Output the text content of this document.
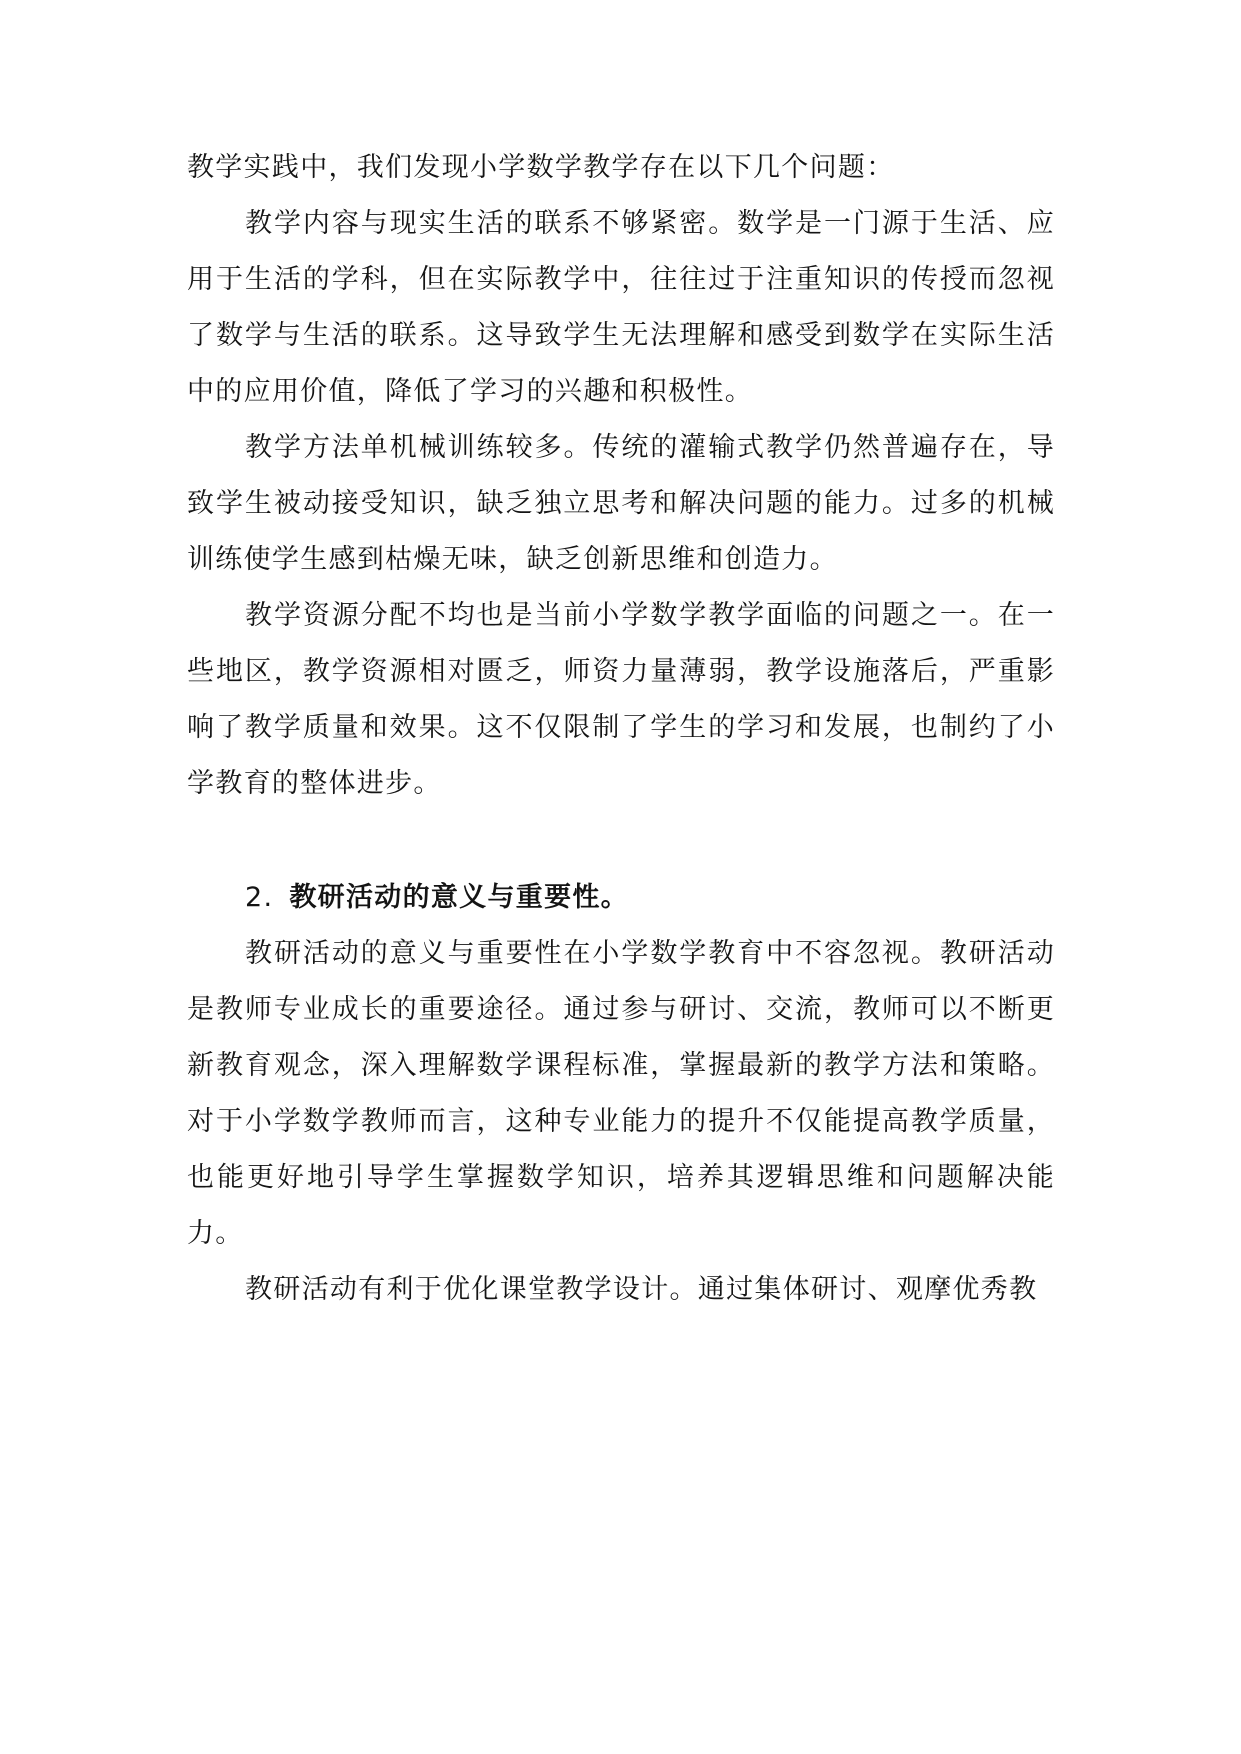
教学实践中，我们发现小学数学教学存在以下几个问题：

教学内容与现实生活的联系不够紧密。数学是一门源于生活、应用于生活的学科，但在实际教学中，往往过于注重知识的传授而忽视了数学与生活的联系。这导致学生无法理解和感受到数学在实际生活中的应用价值，降低了学习的兴趣和积极性。

教学方法单机械训练较多。传统的灌输式教学仍然普遍存在，导致学生被动接受知识，缺乏独立思考和解决问题的能力。过多的机械训练使学生感到枯燥无味，缺乏创新思维和创造力。

教学资源分配不均也是当前小学数学教学面临的问题之一。在一些地区，教学资源相对匮乏，师资力量薄弱，教学设施落后，严重影响了教学质量和效果。这不仅限制了学生的学习和发展，也制约了小学教育的整体进步。

2. 教研活动的意义与重要性。

教研活动的意义与重要性在小学数学教育中不容忽视。教研活动是教师专业成长的重要途径。通过参与研讨、交流，教师可以不断更新教育观念，深入理解数学课程标准，掌握最新的教学方法和策略。对于小学数学教师而言，这种专业能力的提升不仅能提高教学质量，也能更好地引导学生掌握数学知识，培养其逻辑思维和问题解决能力。

教研活动有利于优化课堂教学设计。通过集体研讨、观摩优秀教
